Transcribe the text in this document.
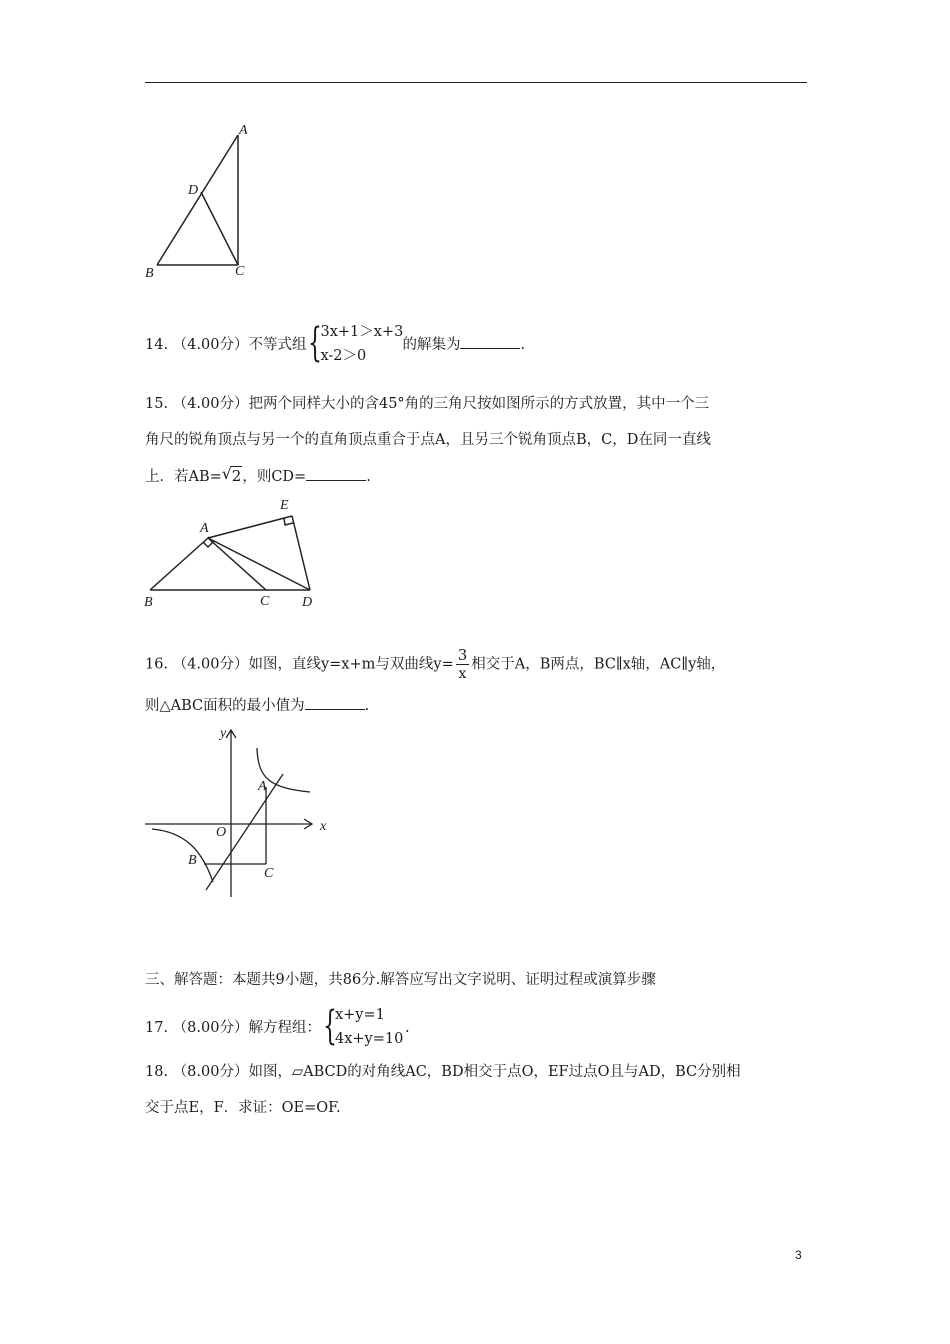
A
D
B	C
14. （4.00分）不等式组 {
3x+1＞x+3
x-2＞0
的解集为	.
15. （4.00分）把两个同样大小的含45°角的三角尺按如图所示的方式放置，其中一个三
角尺的锐角顶点与另一个的直角顶点重合于点A，且另三个锐角顶点B，C，D在同一直线
上．若AB= √ 2，则CD=	.
A
E
B	C D
16. （4.00分）如图，直线y=x+m与双曲线$y= \frac{3}{x}$ 相交于A，B两点，BC∥x轴，AC∥y轴，
则△ABC面积的最小值为	.
y
x
O
A
B
C
三、解答题：本题共9小题，共86分.解答应写出文字说明、证明过程或演算步骤
17. （8.00分）解方程组： {
x+y=1
4x+y=10
.
18. （8.00分）如图，▱ABCD的对角线AC，BD相交于点O，EF过点O且与AD，BC分别相
交于点E，F．求证：OE=OF.
3
